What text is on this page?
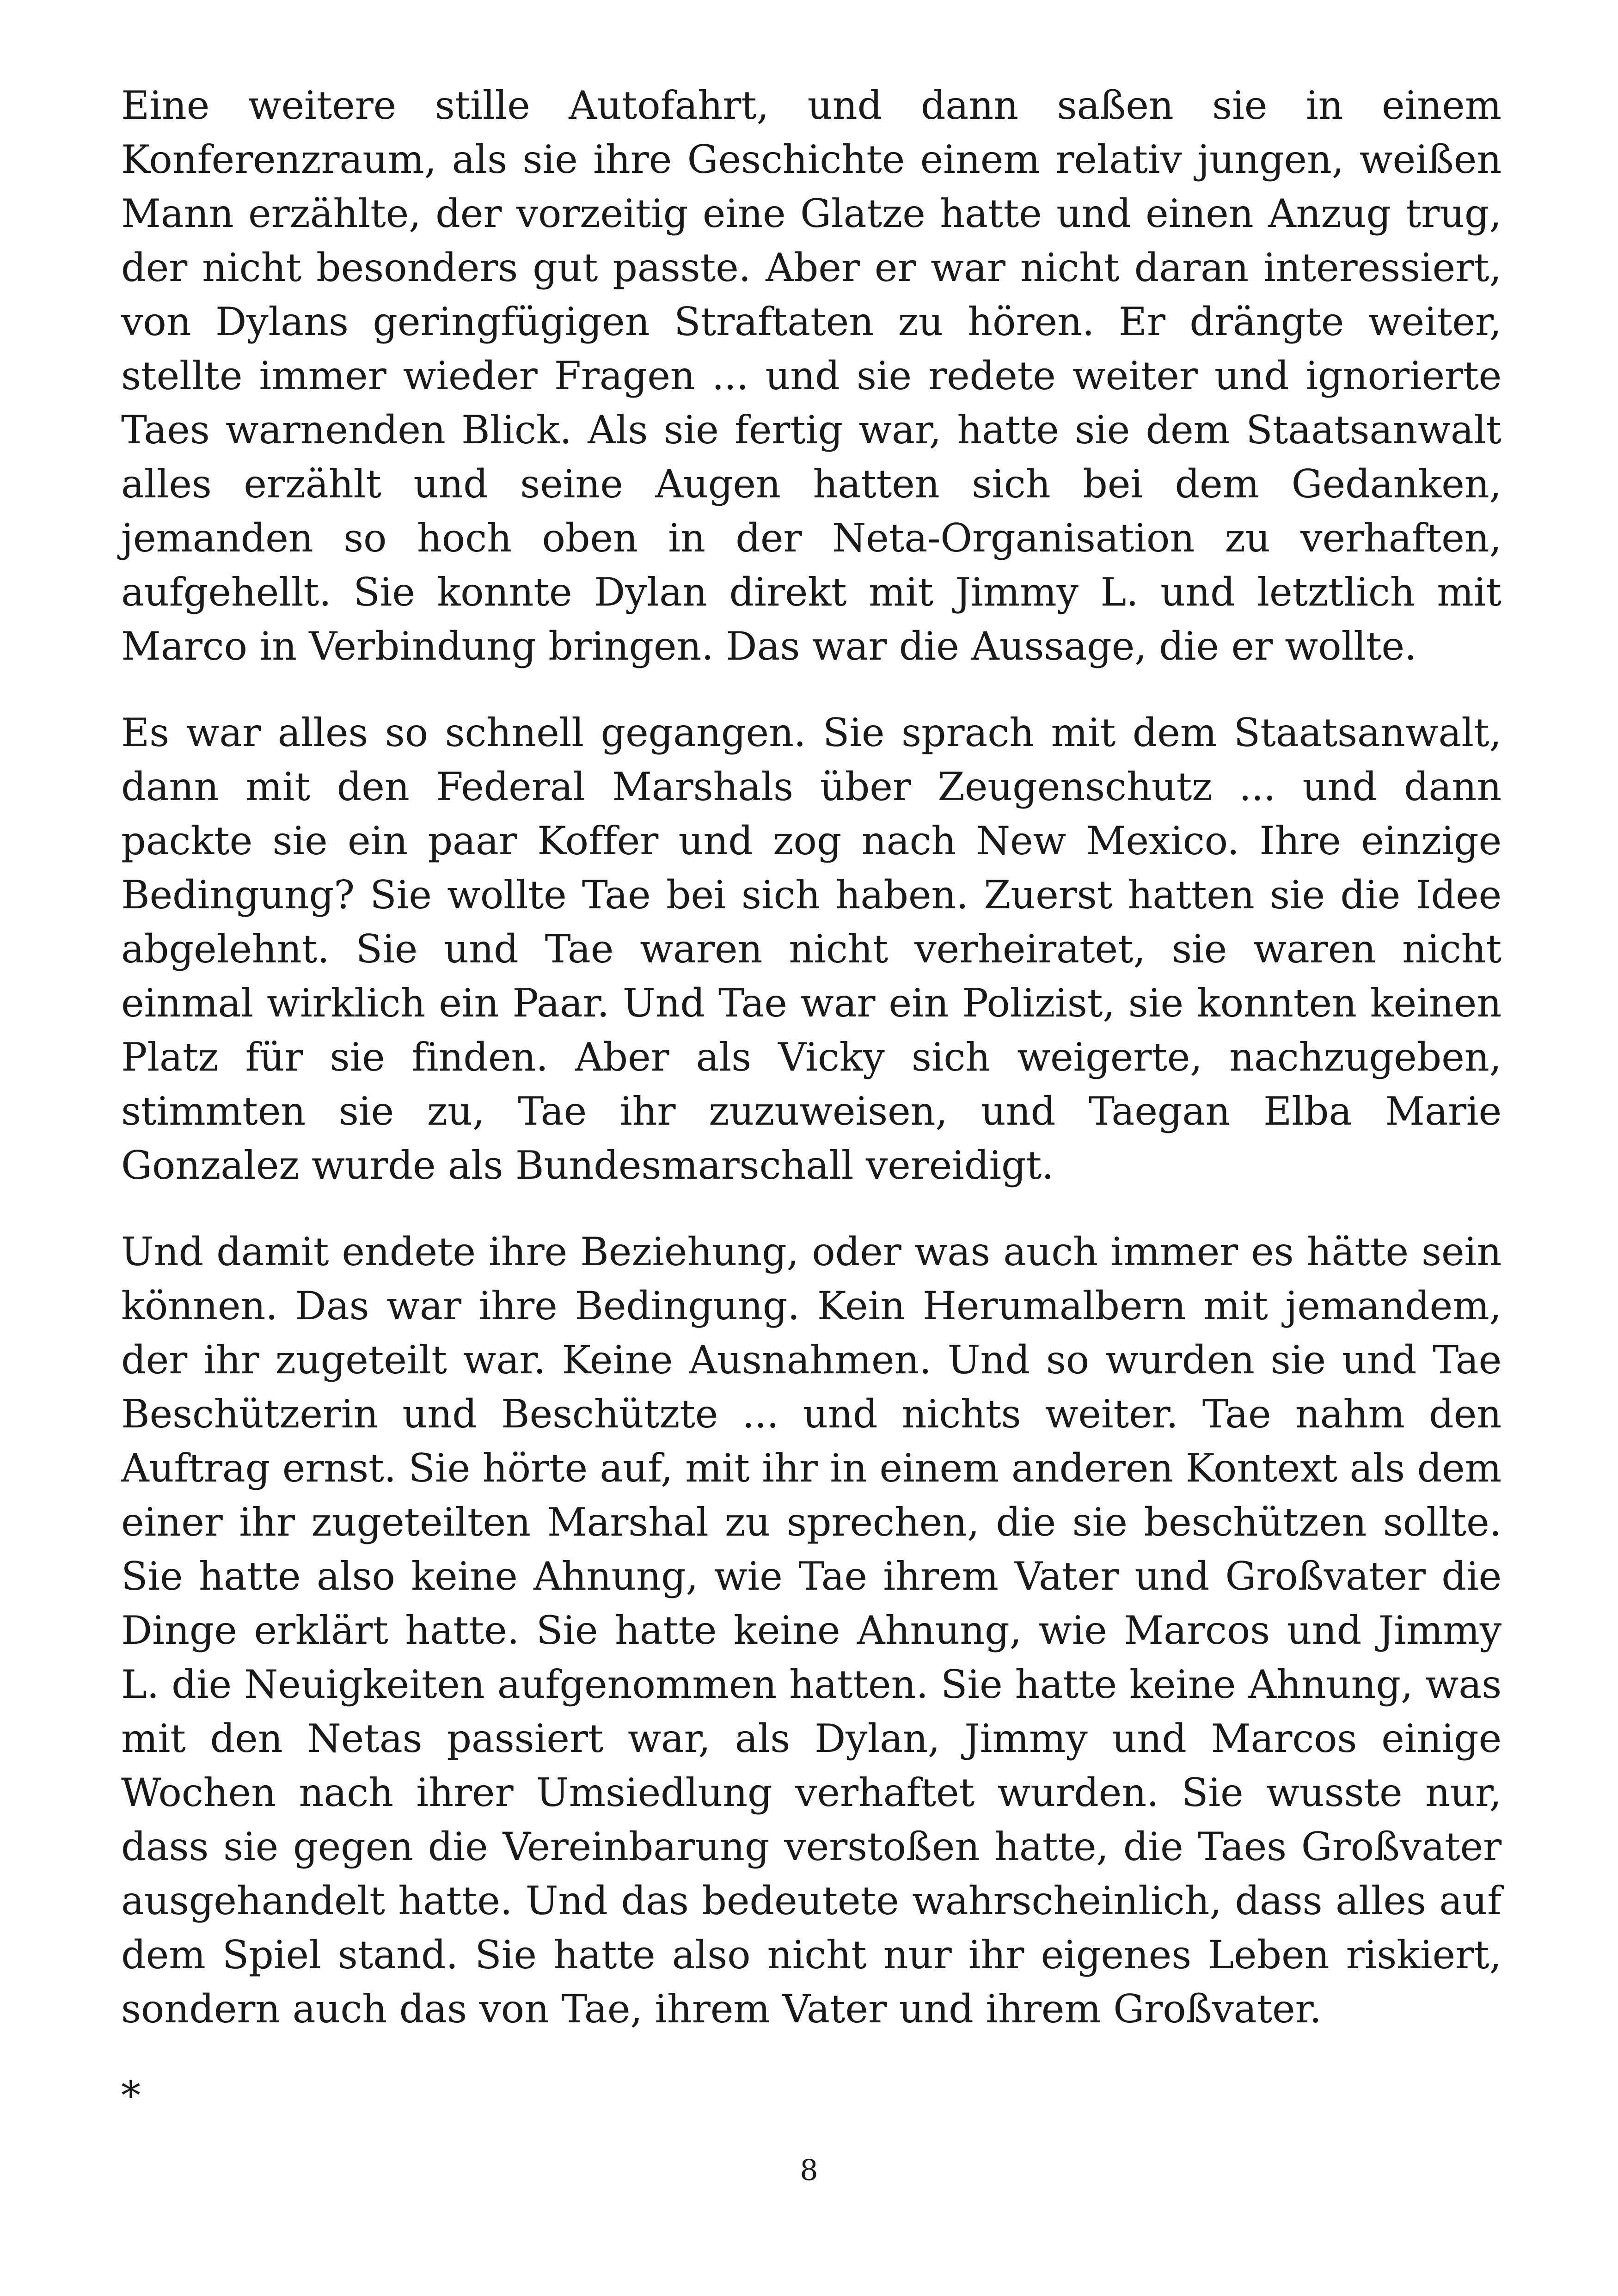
Eine weitere stille Autofahrt, und dann saßen sie in einem Konferenzraum, als sie ihre Geschichte einem relativ jungen, weißen Mann erzählte, der vorzeitig eine Glatze hatte und einen Anzug trug, der nicht besonders gut passte. Aber er war nicht daran interessiert, von Dylans geringfügigen Straftaten zu hören. Er drängte weiter, stellte immer wieder Fragen ... und sie redete weiter und ignorierte Taes warnenden Blick. Als sie fertig war, hatte sie dem Staatsanwalt alles erzählt und seine Augen hatten sich bei dem Gedanken, jemanden so hoch oben in der Neta-Organisation zu verhaften, aufgehellt. Sie konnte Dylan direkt mit Jimmy L. und letztlich mit Marco in Verbindung bringen. Das war die Aussage, die er wollte.

Es war alles so schnell gegangen. Sie sprach mit dem Staatsanwalt, dann mit den Federal Marshals über Zeugenschutz ... und dann packte sie ein paar Koffer und zog nach New Mexico. Ihre einzige Bedingung? Sie wollte Tae bei sich haben. Zuerst hatten sie die Idee abgelehnt. Sie und Tae waren nicht verheiratet, sie waren nicht einmal wirklich ein Paar. Und Tae war ein Polizist, sie konnten keinen Platz für sie finden. Aber als Vicky sich weigerte, nachzugeben, stimmten sie zu, Tae ihr zuzuweisen, und Taegan Elba Marie Gonzalez wurde als Bundesmarschall vereidigt.

Und damit endete ihre Beziehung, oder was auch immer es hätte sein können. Das war ihre Bedingung. Kein Herumalbern mit jemandem, der ihr zugeteilt war. Keine Ausnahmen. Und so wurden sie und Tae Beschützerin und Beschützte ... und nichts weiter. Tae nahm den Auftrag ernst. Sie hörte auf, mit ihr in einem anderen Kontext als dem einer ihr zugeteilten Marshal zu sprechen, die sie beschützen sollte. Sie hatte also keine Ahnung, wie Tae ihrem Vater und Großvater die Dinge erklärt hatte. Sie hatte keine Ahnung, wie Marcos und Jimmy L. die Neuigkeiten aufgenommen hatten. Sie hatte keine Ahnung, was mit den Netas passiert war, als Dylan, Jimmy und Marcos einige Wochen nach ihrer Umsiedlung verhaftet wurden. Sie wusste nur, dass sie gegen die Vereinbarung verstoßen hatte, die Taes Großvater ausgehandelt hatte. Und das bedeutete wahrscheinlich, dass alles auf dem Spiel stand. Sie hatte also nicht nur ihr eigenes Leben riskiert, sondern auch das von Tae, ihrem Vater und ihrem Großvater.

*

8
